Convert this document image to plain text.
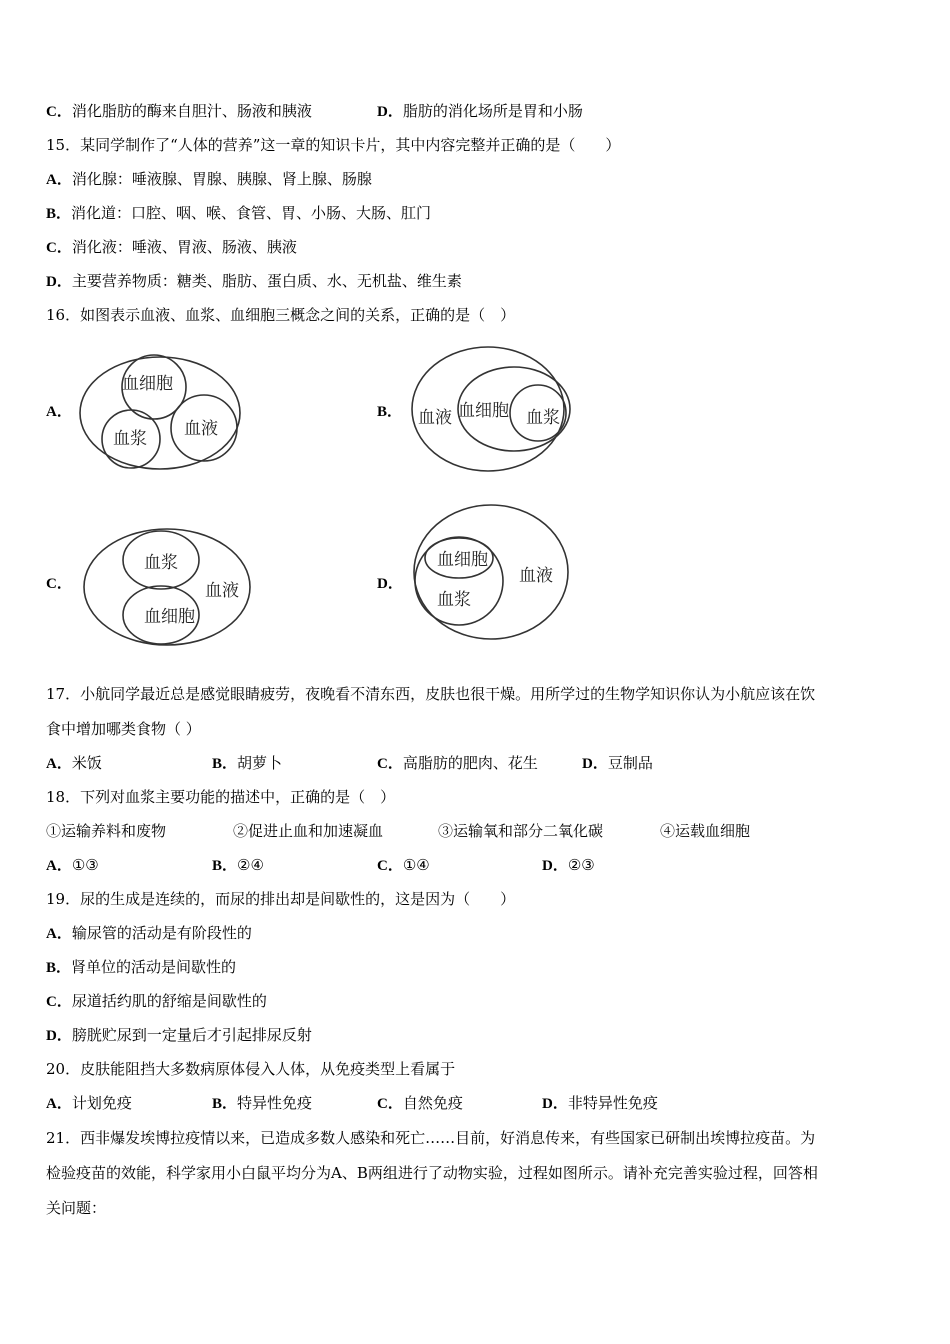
C．消化脂肪的酶来自胆汁、肠液和胰液	D．脂肪的消化场所是胃和小肠
15．某同学制作了“人体的营养”这一章的知识卡片，其中内容完整并正确的是（　　）
A．消化腺：唾液腺、胃腺、胰腺、肾上腺、肠腺
B．消化道：口腔、咽、喉、食管、胃、小肠、大肠、肛门
C．消化液：唾液、胃液、肠液、胰液
D．主要营养物质：糖类、脂肪、蛋白质、水、无机盐、维生素
16．如图表示血液、血浆、血细胞三概念之间的关系，正确的是（　）
A．
血细胞
血浆 血液
B． 血液 血细胞 血浆
C．
血浆
血细胞
血液	D．
血细胞
血浆
血液
17．小航同学最近总是感觉眼睛疲劳，夜晚看不清东西，皮肤也很干燥。用所学过的生物学知识你认为小航应该在饮
食中增加哪类食物（ ）
A．米饭	B．胡萝卜	C．高脂肪的肥肉、花生	D．豆制品
18．下列对血浆主要功能的描述中，正确的是（　）
①运输养料和废物	②促进止血和加速凝血	③运输氧和部分二氧化碳	④运载血细胞
A．①③	B．②④	C．①④	D．②③
19．尿的生成是连续的，而尿的排出却是间歇性的，这是因为（　　）
A．输尿管的活动是有阶段性的
B．肾单位的活动是间歇性的
C．尿道括约肌的舒缩是间歇性的
D．膀胱贮尿到一定量后才引起排尿反射
20．皮肤能阻挡大多数病原体侵入人体，从免疫类型上看属于
A．计划免疫	B．特异性免疫	C．自然免疫	D．非特异性免疫
21．西非爆发埃博拉疫情以来，已造成多数人感染和死亡……目前，好消息传来，有些国家已研制出埃博拉疫苗。为
检验疫苗的效能，科学家用小白鼠平均分为A、B两组进行了动物实验，过程如图所示。请补充完善实验过程，回答相
关问题：
